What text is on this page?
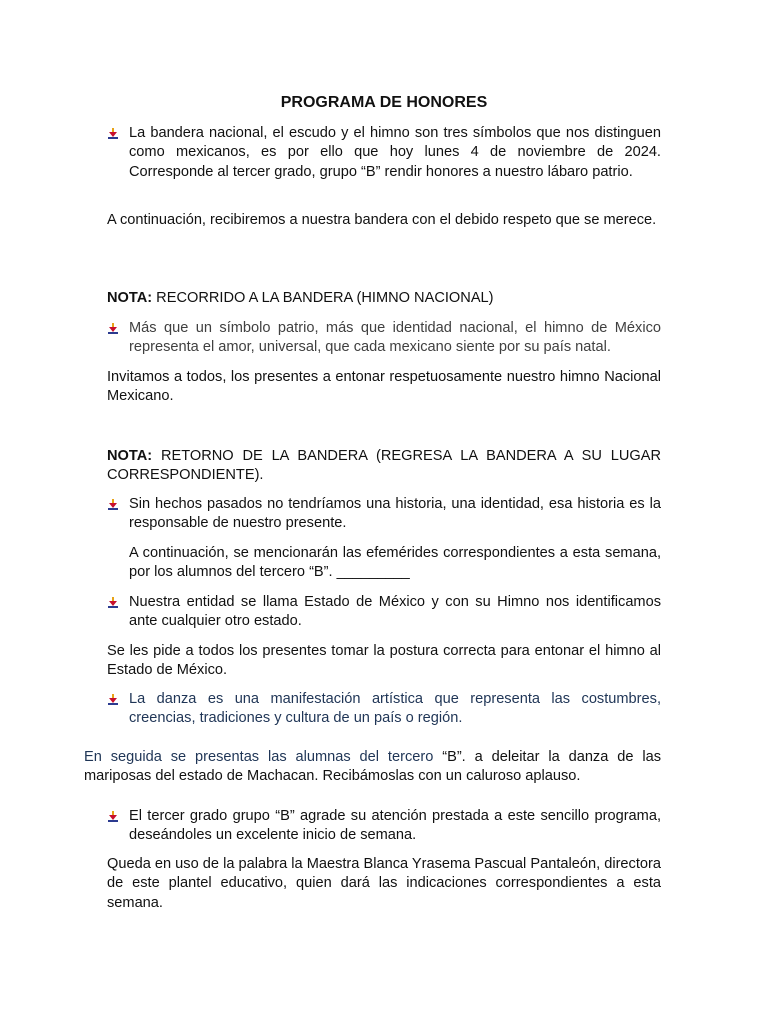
PROGRAMA DE HONORES
La bandera nacional, el escudo y el himno son tres símbolos que nos distinguen como mexicanos, es por ello que hoy lunes 4 de noviembre de 2024. Corresponde al tercer grado, grupo “B” rendir honores a nuestro lábaro patrio.
A continuación, recibiremos a nuestra bandera con el debido respeto que se merece.
NOTA: RECORRIDO A LA BANDERA (HIMNO NACIONAL)
Más que un símbolo patrio, más que identidad nacional, el himno de México representa el amor, universal, que cada mexicano siente por su país natal.
Invitamos a todos, los presentes a entonar respetuosamente nuestro himno Nacional Mexicano.
NOTA: RETORNO DE LA BANDERA (REGRESA LA BANDERA A SU LUGAR CORRESPONDIENTE).
Sin hechos pasados no tendríamos una historia, una identidad, esa historia es la responsable de nuestro presente.
A continuación, se mencionarán las efemérides correspondientes a esta semana, por los alumnos del tercero “B”. _________
Nuestra entidad se llama Estado de México y con su Himno nos identificamos ante cualquier otro estado.
Se les pide a todos los presentes tomar la postura correcta para entonar el himno al Estado de México.
La danza es una manifestación artística que representa las costumbres, creencias, tradiciones y cultura de un país o región.
En seguida se presentas las alumnas del tercero “B”. a deleitar la danza de las mariposas del estado de Machacan. Recibámoslas con un caluroso aplauso.
El tercer grado grupo “B” agrade su atención prestada a este sencillo programa, deseándoles un excelente inicio de semana.
Queda en uso de la palabra la Maestra Blanca Yrasema Pascual Pantaleón, directora de este plantel educativo, quien dará las indicaciones correspondientes a esta semana.
